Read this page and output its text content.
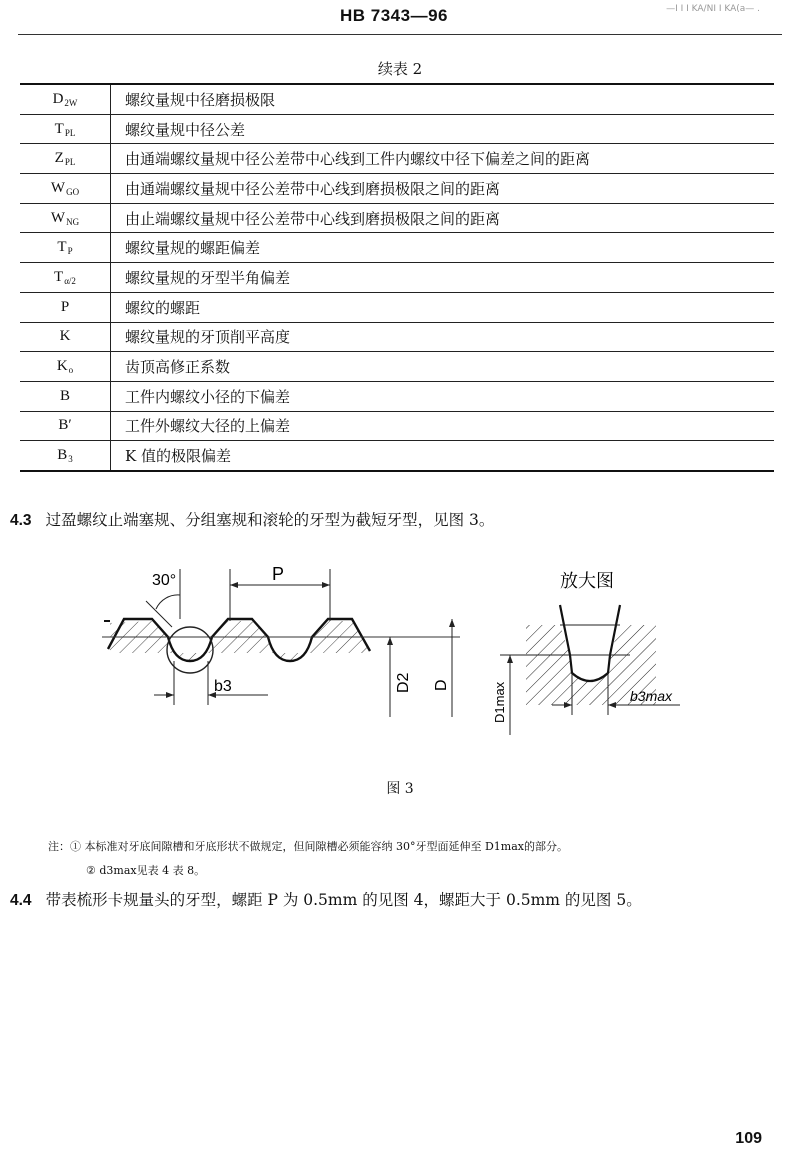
HB 7343—96	—I I I KA/NI I KA(a— .
续表 2
$D_{2W}$	螺纹量规中径磨损极限
$T_{PL}$	螺纹量规中径公差
$Z_{PL}$	由通端螺纹量规中径公差带中心线到工件内螺纹中径下偏差之间的距离
$W_{GO}$	由通端螺纹量规中径公差带中心线到磨损极限之间的距离
$W_{NG}$	由止端螺纹量规中径公差带中心线到磨损极限之间的距离
$T_P$	螺纹量规的螺距偏差
$T_{\alpha/2}$	螺纹量规的牙型半角偏差
P	螺纹的螺距
K	螺纹量规的牙顶削平高度
$K_o$	齿顶高修正系数
B	工件内螺纹小径的下偏差
B′	工件外螺纹大径的上偏差
$B_3$	K 值的极限偏差
4.3 过盈螺纹止端塞规、分组塞规和滚轮的牙型为截短牙型，见图 3。
30°	P
b3	D2 D
放大图
D1max	b3max
图 3
注：① 本标准对牙底间隙槽和牙底形状不做规定，但间隙槽必须能容纳 30°牙型面延伸至 D1max的部分。
② d3max见表 4 表 8。
4.4 带表梳形卡规量头的牙型，螺距 P 为 0.5mm 的见图 4，螺距大于 0.5mm 的见图 5。
109
